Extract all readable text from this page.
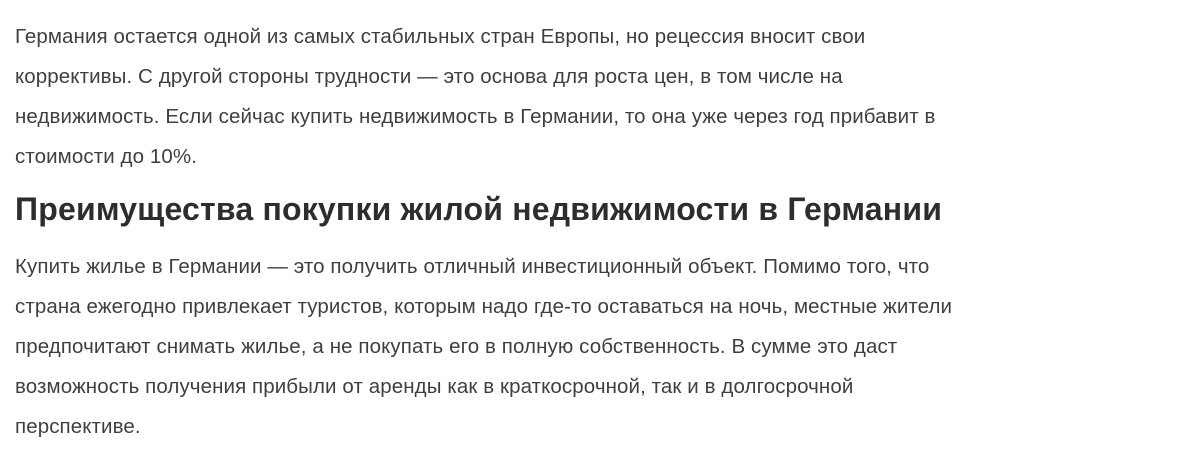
Германия остается одной из самых стабильных стран Европы, но рецессия вносит свои
коррективы. С другой стороны трудности — это основа для роста цен, в том числе на
недвижимость. Если сейчас купить недвижимость в Германии, то она уже через год прибавит в
стоимости до 10%.

Преимущества покупки жилой недвижимости в Германии

Купить жилье в Германии — это получить отличный инвестиционный объект. Помимо того, что
страна ежегодно привлекает туристов, которым надо где-то оставаться на ночь, местные жители
предпочитают снимать жилье, а не покупать его в полную собственность. В сумме это даст
возможность получения прибыли от аренды как в краткосрочной, так и в долгосрочной
перспективе.
